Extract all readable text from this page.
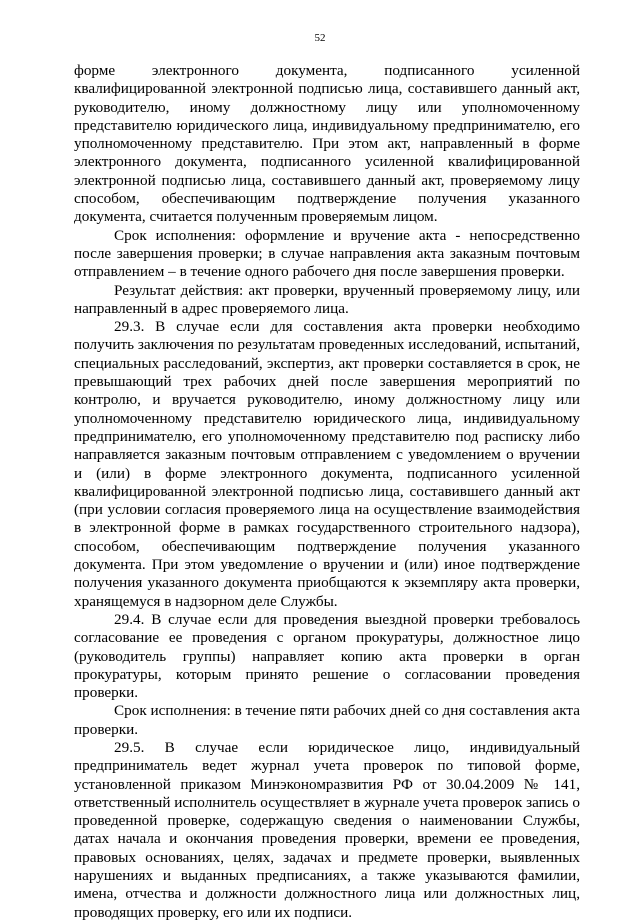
52

форме электронного документа, подписанного усиленной квалифицированной электронной подписью лица, составившего данный акт, руководителю, иному должностному лицу или уполномоченному представителю юридического лица, индивидуальному предпринимателю, его уполномоченному представителю. При этом акт, направленный в форме электронного документа, подписанного усиленной квалифицированной электронной подписью лица, составившего данный акт, проверяемому лицу способом, обеспечивающим подтверждение получения указанного документа, считается полученным проверяемым лицом.

Срок исполнения: оформление и вручение акта - непосредственно после завершения проверки; в случае направления акта заказным почтовым отправлением – в течение одного рабочего дня после завершения проверки.

Результат действия: акт проверки, врученный проверяемому лицу, или направленный в адрес проверяемого лица.

29.3. В случае если для составления акта проверки необходимо получить заключения по результатам проведенных исследований, испытаний, специальных расследований, экспертиз, акт проверки составляется в срок, не превышающий трех рабочих дней после завершения мероприятий по контролю, и вручается руководителю, иному должностному лицу или уполномоченному представителю юридического лица, индивидуальному предпринимателю, его уполномоченному представителю под расписку либо направляется заказным почтовым отправлением с уведомлением о вручении и (или) в форме электронного документа, подписанного усиленной квалифицированной электронной подписью лица, составившего данный акт (при условии согласия проверяемого лица на осуществление взаимодействия в электронной форме в рамках государственного строительного надзора), способом, обеспечивающим подтверждение получения указанного документа. При этом уведомление о вручении и (или) иное подтверждение получения указанного документа приобщаются к экземпляру акта проверки, хранящемуся в надзорном деле Службы.

29.4. В случае если для проведения выездной проверки требовалось согласование ее проведения с органом прокуратуры, должностное лицо (руководитель группы) направляет копию акта проверки в орган прокуратуры, которым принято решение о согласовании проведения проверки.

Срок исполнения: в течение пяти рабочих дней со дня составления акта проверки.

29.5. В случае если юридическое лицо, индивидуальный предприниматель ведет журнал учета проверок по типовой форме, установленной приказом Минэкономразвития РФ от 30.04.2009 № 141, ответственный исполнитель осуществляет в журнале учета проверок запись о проведенной проверке, содержащую сведения о наименовании Службы, датах начала и окончания проведения проверки, времени ее проведения, правовых основаниях, целях, задачах и предмете проверки, выявленных нарушениях и выданных предписаниях, а также указываются фамилии, имена, отчества и должности должностного лица или должностных лиц, проводящих проверку, его или их подписи.
